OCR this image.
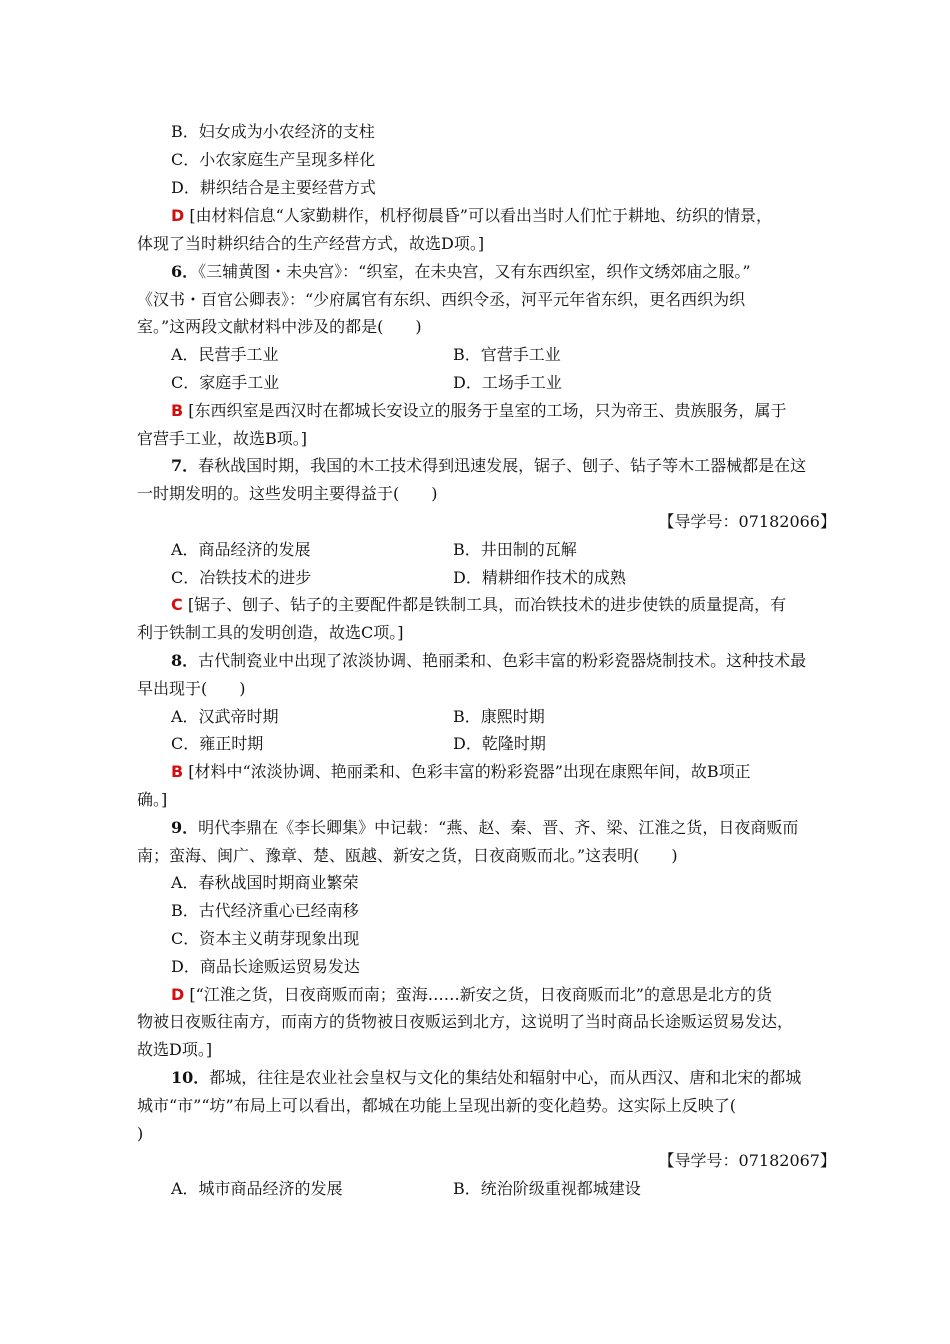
B．妇女成为小农经济的支柱
C．小农家庭生产呈现多样化
D．耕织结合是主要经营方式
D [由材料信息“人家勤耕作，机杼彻晨昏”可以看出当时人们忙于耕地、纺织的情景，
体现了当时耕织结合的生产经营方式，故选D项。]
6．《三辅黄图・未央宫》：“织室，在未央宫，又有东西织室，织作文绣郊庙之服。”
《汉书・百官公卿表》：“少府属官有东织、西织令丞，河平元年省东织，更名西织为织
室。”这两段文献材料中涉及的都是(　　)
A．民营手工业	B．官营手工业
C．家庭手工业	D．工场手工业
B [东西织室是西汉时在都城长安设立的服务于皇室的工场，只为帝王、贵族服务，属于
官营手工业，故选B项。]
7．春秋战国时期，我国的木工技术得到迅速发展，锯子、刨子、钻子等木工器械都是在这
一时期发明的。这些发明主要得益于(　　)
【导学号：07182066】
A．商品经济的发展	B．井田制的瓦解
C．冶铁技术的进步	D．精耕细作技术的成熟
C [锯子、刨子、钻子的主要配件都是铁制工具，而冶铁技术的进步使铁的质量提高，有
利于铁制工具的发明创造，故选C项。]
8．古代制瓷业中出现了浓淡协调、艳丽柔和、色彩丰富的粉彩瓷器烧制技术。这种技术最
早出现于(　　)
A．汉武帝时期	B．康熙时期
C．雍正时期	D．乾隆时期
B [材料中“浓淡协调、艳丽柔和、色彩丰富的粉彩瓷器”出现在康熙年间，故B项正
确。]
9．明代李鼎在《李长卿集》中记载：“燕、赵、秦、晋、齐、梁、江淮之货，日夜商贩而
南；蛮海、闽广、豫章、楚、瓯越、新安之货，日夜商贩而北。”这表明(　　)
A．春秋战国时期商业繁荣
B．古代经济重心已经南移
C．资本主义萌芽现象出现
D．商品长途贩运贸易发达
D [“江淮之货，日夜商贩而南；蛮海……新安之货，日夜商贩而北”的意思是北方的货
物被日夜贩往南方，而南方的货物被日夜贩运到北方，这说明了当时商品长途贩运贸易发达，
故选D项。]
10．都城，往往是农业社会皇权与文化的集结处和辐射中心，而从西汉、唐和北宋的都城
城市“市”“坊”布局上可以看出，都城在功能上呈现出新的变化趋势。这实际上反映了(
)
【导学号：07182067】
A．城市商品经济的发展	B．统治阶级重视都城建设
